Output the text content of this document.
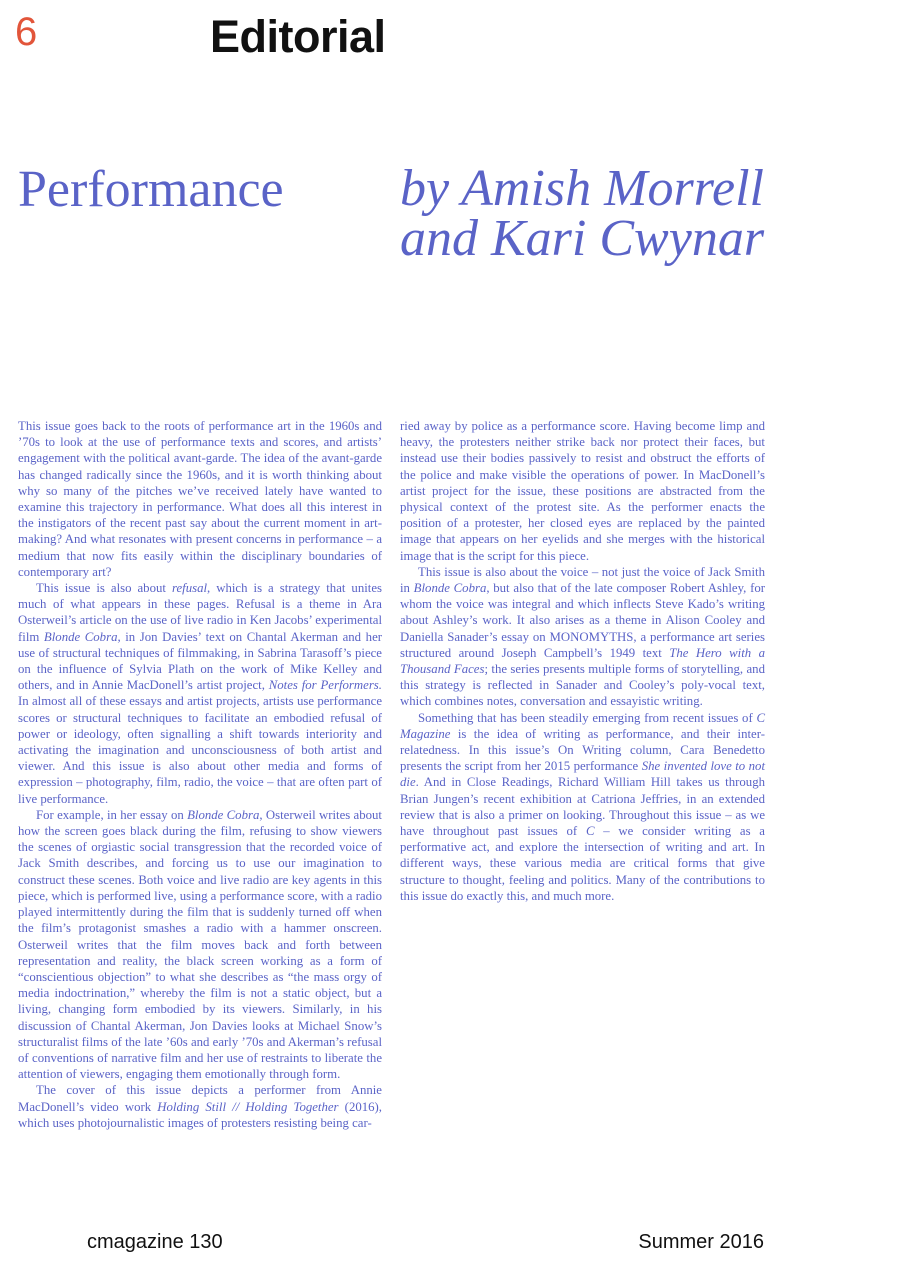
6	Editorial
Performance by Amish Morrell
and Kari Cwynar

This issue goes back to the roots of performance art in the 1960s and ’70s to look at the use of performance texts and scores, and artists’ engagement with the political avant-garde. The idea of the avant-garde has changed radically since the 1960s, and it is worth thinking about why so many of the pitches we’ve received lately have wanted to examine this trajectory in performance. What does all this interest in the instigators of the recent past say about the current moment in art-making? And what resonates with present concerns in performance – a medium that now fits easily within the disciplinary boundaries of contemporary art?

This issue is also about refusal, which is a strategy that unites much of what appears in these pages. Refusal is a theme in Ara Osterweil’s article on the use of live radio in Ken Jacobs’ experimental film Blonde Cobra, in Jon Davies’ text on Chantal Akerman and her use of structural techniques of filmmaking, in Sabrina Tarasoff’s piece on the influence of Sylvia Plath on the work of Mike Kelley and others, and in Annie MacDonell’s artist project, Notes for Performers. In almost all of these essays and artist projects, artists use performance scores or structural techniques to facilitate an embodied refusal of power or ideology, often signalling a shift towards interiority and activating the imagination and unconsciousness of both artist and viewer. And this issue is also about other media and forms of expression – photography, film, radio, the voice – that are often part of live performance.

For example, in her essay on Blonde Cobra, Osterweil writes about how the screen goes black during the film, refusing to show viewers the scenes of orgiastic social transgression that the recorded voice of Jack Smith describes, and forcing us to use our imagination to construct these scenes. Both voice and live radio are key agents in this piece, which is performed live, using a performance score, with a radio played intermittently during the film that is suddenly turned off when the film’s protagonist smashes a radio with a hammer onscreen. Osterweil writes that the film moves back and forth between representation and reality, the black screen working as a form of “conscientious objection” to what she describes as “the mass orgy of media indoctrination,” whereby the film is not a static object, but a living, changing form embodied by its viewers. Similarly, in his discussion of Chantal Akerman, Jon Davies looks at Michael Snow’s structuralist films of the late ’60s and early ’70s and Akerman’s refusal of conventions of narrative film and her use of restraints to liberate the attention of viewers, engaging them emotionally through form.

The cover of this issue depicts a performer from Annie MacDonell’s video work Holding Still // Holding Together (2016), which uses photojournalistic images of protesters resisting being car-

ried away by police as a performance score. Having become limp and heavy, the protesters neither strike back nor protect their faces, but instead use their bodies passively to resist and obstruct the efforts of the police and make visible the operations of power. In MacDonell’s artist project for the issue, these positions are abstracted from the physical context of the protest site. As the performer enacts the position of a protester, her closed eyes are replaced by the painted image that appears on her eyelids and she merges with the historical image that is the script for this piece.

This issue is also about the voice – not just the voice of Jack Smith in Blonde Cobra, but also that of the late composer Robert Ashley, for whom the voice was integral and which inflects Steve Kado’s writing about Ashley’s work. It also arises as a theme in Alison Cooley and Daniella Sanader’s essay on MONOMYTHS, a performance art series structured around Joseph Campbell’s 1949 text The Hero with a Thousand Faces; the series presents multiple forms of storytelling, and this strategy is reflected in Sanader and Cooley’s poly-vocal text, which combines notes, conversation and essayistic writing.

Something that has been steadily emerging from recent issues of C Magazine is the idea of writing as performance, and their inter-relatedness. In this issue’s On Writing column, Cara Benedetto presents the script from her 2015 performance She invented love to not die. And in Close Readings, Richard William Hill takes us through Brian Jungen’s recent exhibition at Catriona Jeffries, in an extended review that is also a primer on looking. Throughout this issue – as we have throughout past issues of C – we consider writing as a performative act, and explore the intersection of writing and art. In different ways, these various media are critical forms that give structure to thought, feeling and politics. Many of the contributions to this issue do exactly this, and much more.

cmagazine 130	Summer 2016
